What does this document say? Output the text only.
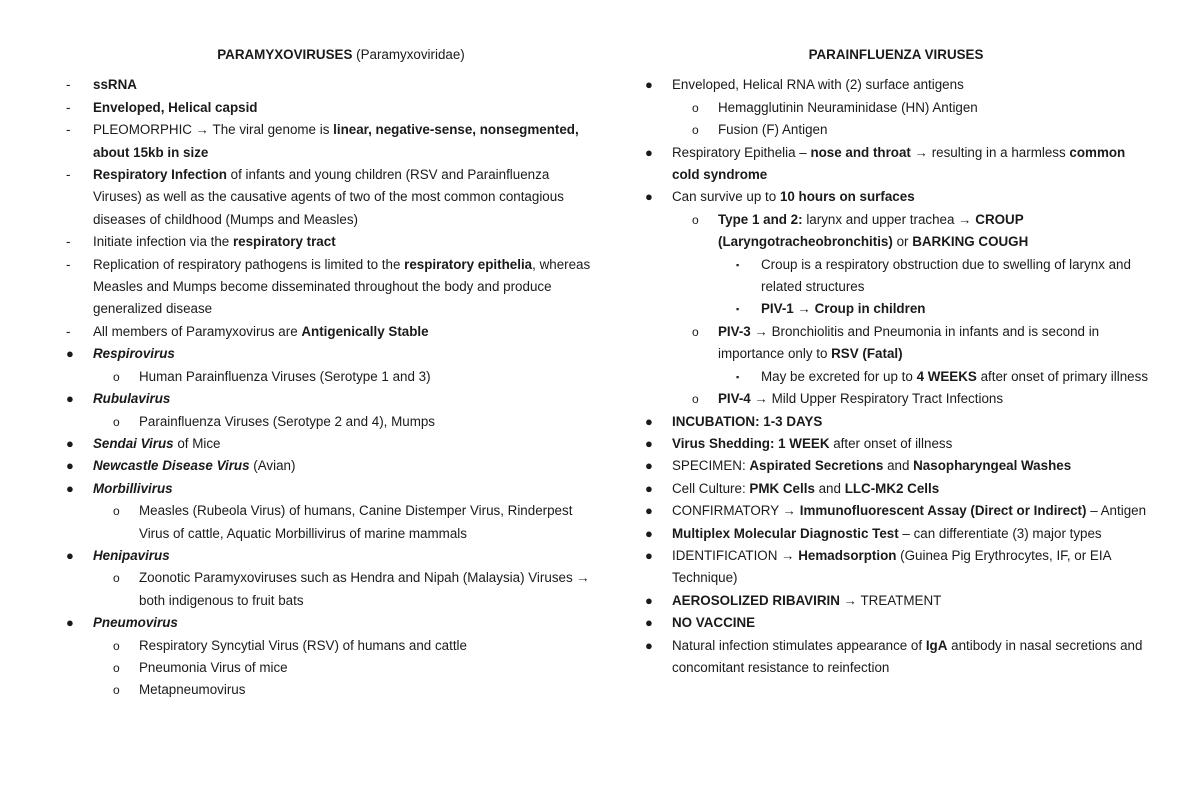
PARAMYXOVIRUSES (Paramyxoviridae)
- ssRNA
- Enveloped, Helical capsid
- PLEOMORPHIC → The viral genome is linear, negative-sense, nonsegmented, about 15kb in size
- Respiratory Infection of infants and young children (RSV and Parainfluenza Viruses) as well as the causative agents of two of the most common contagious diseases of childhood (Mumps and Measles)
- Initiate infection via the respiratory tract
- Replication of respiratory pathogens is limited to the respiratory epithelia, whereas Measles and Mumps become disseminated throughout the body and produce generalized disease
- All members of Paramyxovirus are Antigenically Stable
● Respirovirus
o Human Parainfluenza Viruses (Serotype 1 and 3)
● Rubulavirus
o Parainfluenza Viruses (Serotype 2 and 4), Mumps
● Sendai Virus of Mice
● Newcastle Disease Virus (Avian)
● Morbillivirus
o Measles (Rubeola Virus) of humans, Canine Distemper Virus, Rinderpest Virus of cattle, Aquatic Morbillivirus of marine mammals
● Henipavirus
o Zoonotic Paramyxoviruses such as Hendra and Nipah (Malaysia) Viruses → both indigenous to fruit bats
● Pneumovirus
o Respiratory Syncytial Virus (RSV) of humans and cattle
o Pneumonia Virus of mice
o Metapneumovirus
PARAINFLUENZA VIRUSES
● Enveloped, Helical RNA with (2) surface antigens
o Hemagglutinin Neuraminidase (HN) Antigen
o Fusion (F) Antigen
● Respiratory Epithelia – nose and throat → resulting in a harmless common cold syndrome
● Can survive up to 10 hours on surfaces
o Type 1 and 2: larynx and upper trachea → CROUP (Laryngotracheobronchitis) or BARKING COUGH
▪ Croup is a respiratory obstruction due to swelling of larynx and related structures
▪ PIV-1 → Croup in children
o PIV-3 → Bronchiolitis and Pneumonia in infants and is second in importance only to RSV (Fatal)
▪ May be excreted for up to 4 WEEKS after onset of primary illness
o PIV-4 → Mild Upper Respiratory Tract Infections
● INCUBATION: 1-3 DAYS
● Virus Shedding: 1 WEEK after onset of illness
● SPECIMEN: Aspirated Secretions and Nasopharyngeal Washes
● Cell Culture: PMK Cells and LLC-MK2 Cells
● CONFIRMATORY → Immunofluorescent Assay (Direct or Indirect) – Antigen
● Multiplex Molecular Diagnostic Test – can differentiate (3) major types
● IDENTIFICATION → Hemadsorption (Guinea Pig Erythrocytes, IF, or EIA Technique)
● AEROSOLIZED RIBAVIRIN → TREATMENT
● NO VACCINE
● Natural infection stimulates appearance of IgA antibody in nasal secretions and concomitant resistance to reinfection
